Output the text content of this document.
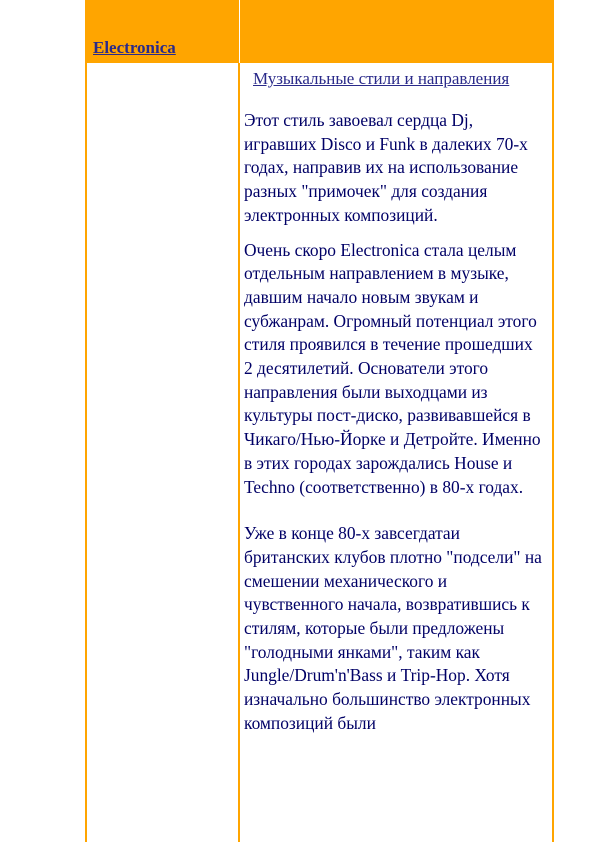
Electronica
Музыкальные стили и направления

Этот стиль завоевал сердца Dj, игравших Disco и Funk в далеких 70-х годах, направив их на использование разных "примочек" для создания электронных композиций.

Очень скоро Electronica стала целым отдельным направлением в музыке, давшим начало новым звукам и субжанрам. Огромный потенциал этого стиля проявился в течение прошедших 2 десятилетий. Основатели этого направления были выходцами из культуры пост-диско, развивавшейся в Чикаго/Нью-Йорке и Детройте. Именно в этих городах зарождались House и Techno (соответственно) в 80-х годах.

Уже в конце 80-х завсегдатаи британских клубов плотно "подсели" на смешении механического и чувственного начала, возвратившись к стилям, которые были предложены "голодными янками", таким как Jungle/Drum'n'Bass и Trip-Hop. Хотя изначально большинство электронных композиций были
